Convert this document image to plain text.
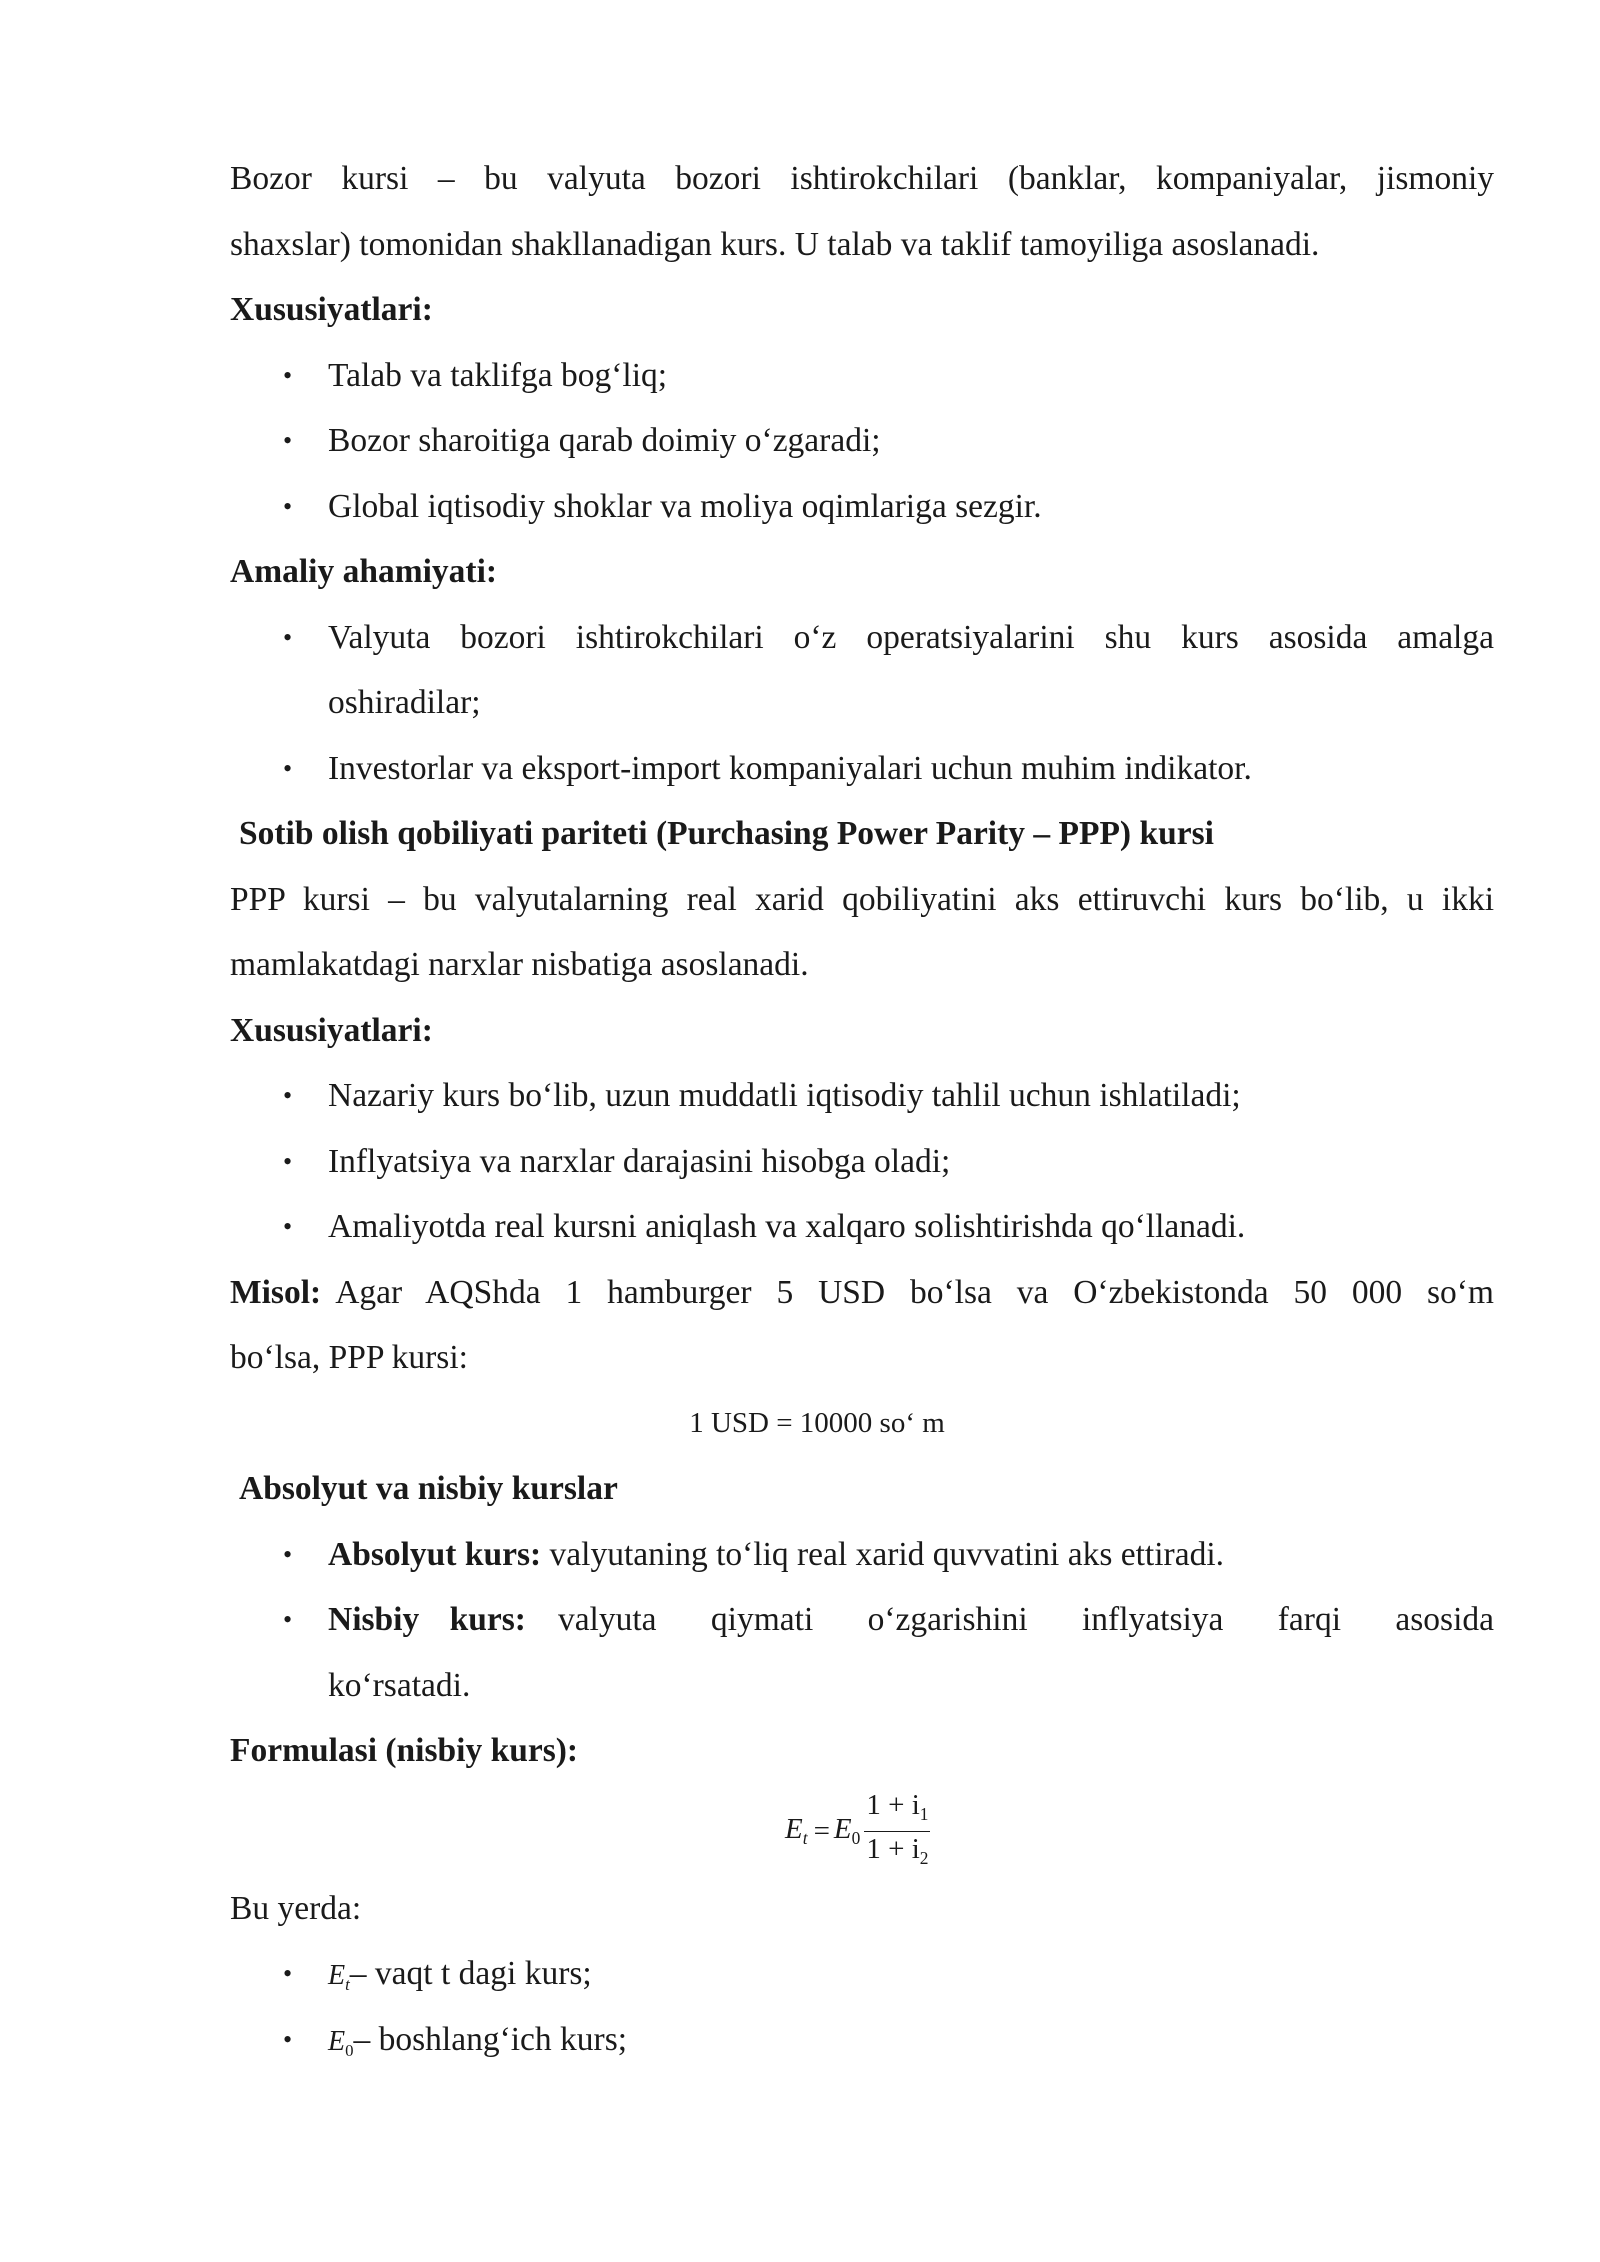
Bozor kursi – bu valyuta bozori ishtirokchilari (banklar, kompaniyalar, jismoniy
shaxslar) tomonidan shakllanadigan kurs. U talab va taklif tamoyiliga asoslanadi.
Xususiyatlari:
• Talab va taklifga bog‘liq;
• Bozor sharoitiga qarab doimiy o‘zgaradi;
• Global iqtisodiy shoklar va moliya oqimlariga sezgir.
Amaliy ahamiyati:
• Valyuta bozori ishtirokchilari o‘z operatsiyalarini shu kurs asosida amalga
oshiradilar;
• Investorlar va eksport-import kompaniyalari uchun muhim indikator.
Sotib olish qobiliyati pariteti (Purchasing Power Parity – PPP) kursi
PPP kursi – bu valyutalarning real xarid qobiliyatini aks ettiruvchi kurs bo‘lib, u ikki
mamlakatdagi narxlar nisbatiga asoslanadi.
Xususiyatlari:
• Nazariy kurs bo‘lib, uzun muddatli iqtisodiy tahlil uchun ishlatiladi;
• Inflyatsiya va narxlar darajasini hisobga oladi;
• Amaliyotda real kursni aniqlash va xalqaro solishtirishda qo‘llanadi.
Misol: Agar AQShda 1 hamburger 5 USD bo‘lsa va O‘zbekistonda 50 000 so‘m
bo‘lsa, PPP kursi:
1 USD = 10000 so‘ m
Absolyut va nisbiy kurslar
• Absolyut kurs: valyutaning to‘liq real xarid quvvatini aks ettiradi.
• Nisbiy kurs: valyuta qiymati o‘zgarishini inflyatsiya farqi asosida
ko‘rsatadi.
Formulasi (nisbiy kurs):
$E_t = E_0 \frac{1 + i_1}{1 + i_2}$
Bu yerda:
• $E_t-$ vaqt t dagi kurs;
• $E_0-$ boshlang‘ich kurs;
